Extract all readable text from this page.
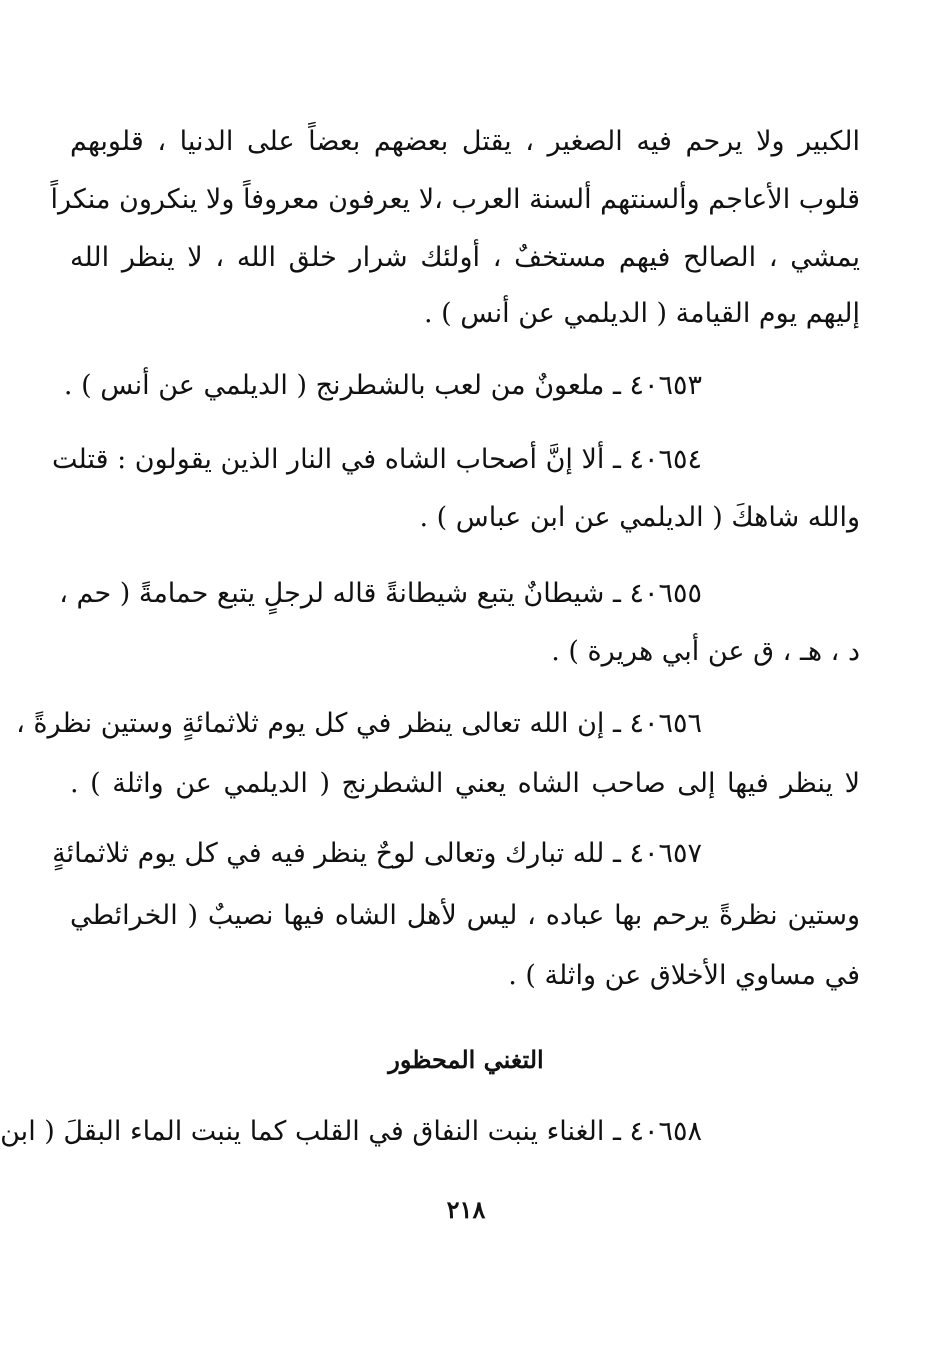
الكبير ولا يرحم فيه الصغير ، يقتل بعضهم بعضاً على الدنيا ، قلوبهم
قلوب الأعاجم وألسنتهم ألسنة العرب ،لا يعرفون معروفاً ولا ينكرون منكراً
يمشي ، الصالح فيهم مستخفٌ ، أولئك شرار خلق الله ، لا ينظر الله
إليهم يوم القيامة ( الديلمي عن أنس ) .
٤٠٦٥٣ ـ ملعونٌ من لعب بالشطرنج ( الديلمي عن أنس ) .
٤٠٦٥٤ ـ ألا إنَّ أصحاب الشاه في النار الذين يقولون : قتلت
والله شاهكَ ( الديلمي عن ابن عباس ) .
٤٠٦٥٥ ـ شيطانٌ يتبع شيطانةً قاله لرجلٍ يتبع حمامةً ( حم ،
د ، هـ ، ق عن أبي هريرة ) .
٤٠٦٥٦ ـ إن الله تعالى ينظر في كل يوم ثلاثمائةٍ وستين نظرةً ،
لا ينظر فيها إلى صاحب الشاه يعني الشطرنج ( الديلمي عن واثلة ) .
٤٠٦٥٧ ـ لله تبارك وتعالى لوحٌ ينظر فيه في كل يوم ثلاثمائةٍ
وستين نظرةً يرحم بها عباده ، ليس لأهل الشاه فيها نصيبٌ ( الخرائطي
في مساوي الأخلاق عن واثلة ) .
التغني المحظور
٤٠٦٥٨ ـ الغناء ينبت النفاق في القلب كما ينبت الماء البقلَ ( ابن
٢١٨
